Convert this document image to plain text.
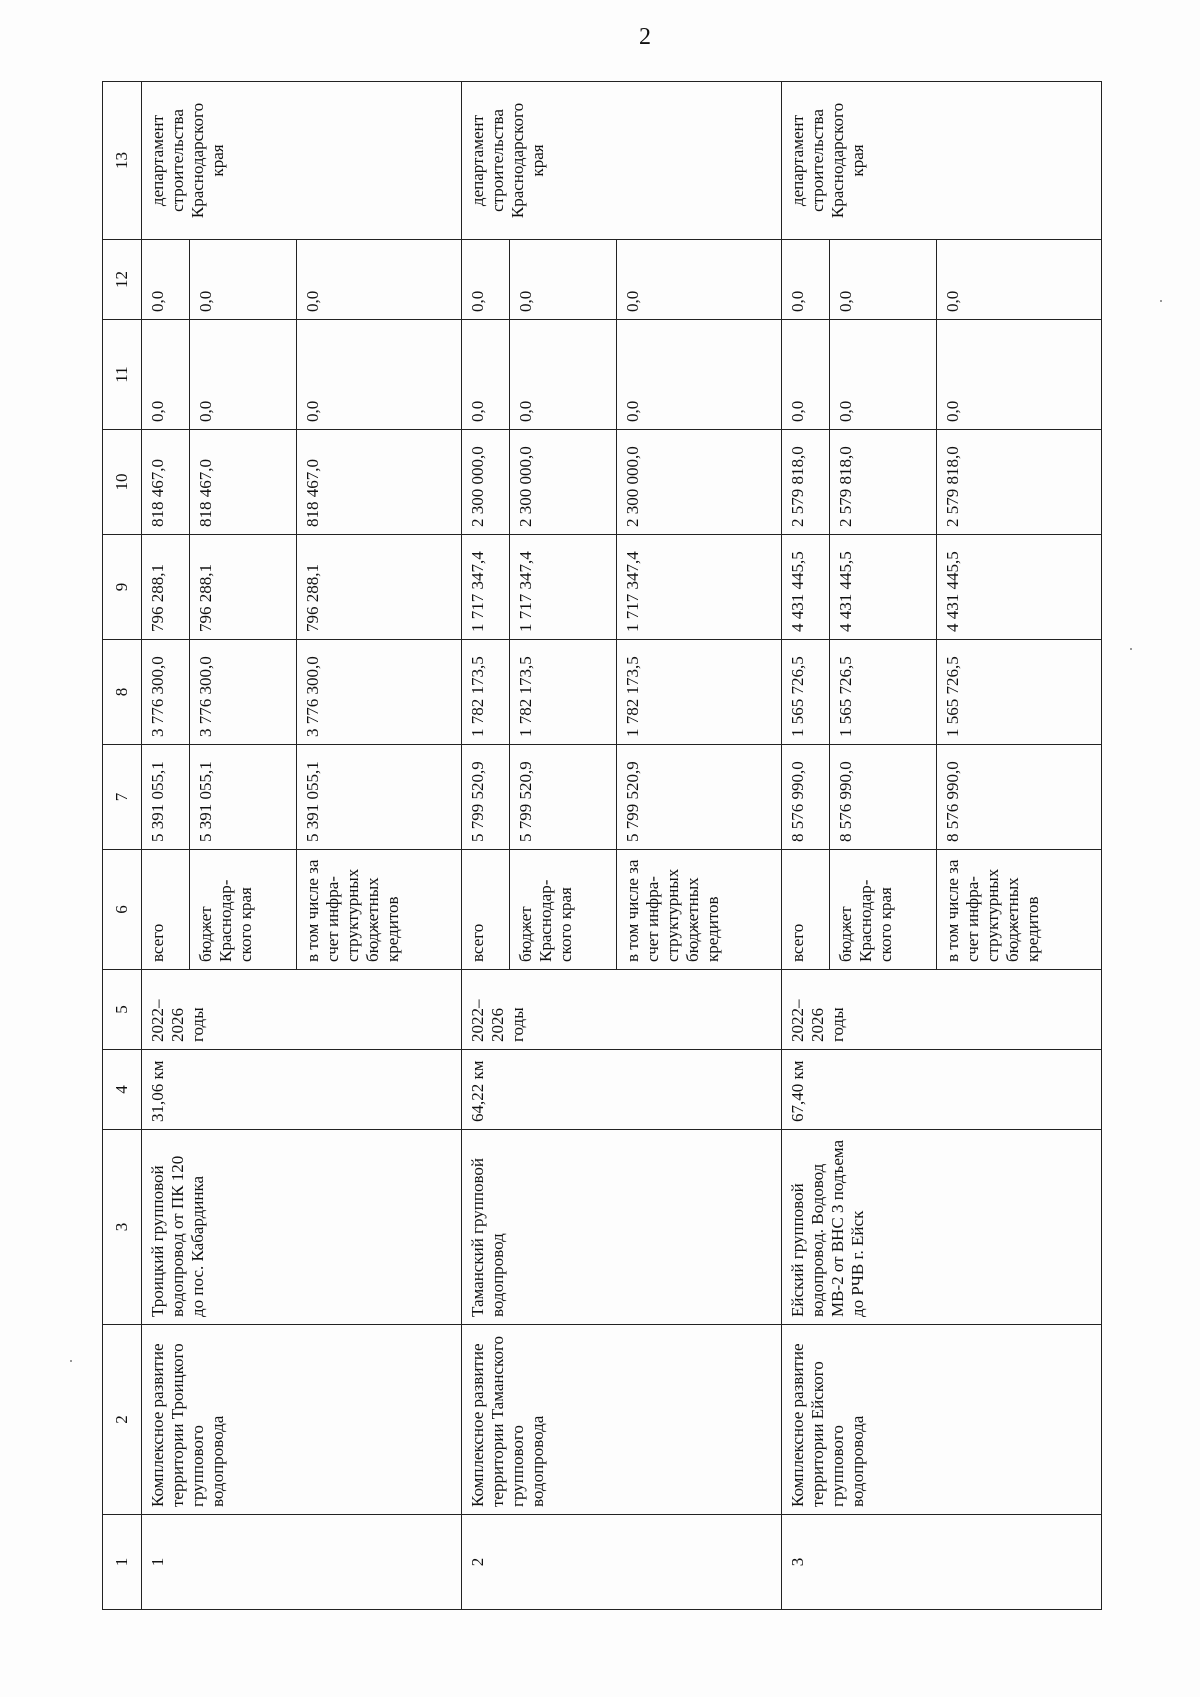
2
1	2	3	4	5	6	7	8	9	10	11	12	13
1	Комплексное развитие территории Троицкого группового водопровода	Троицкий групповой водопровод от ПК 120 до пос. Кабардинка	31,06 км	2022–2026 годы	всего	5 391 055,1	3 776 300,0	796 288,1	818 467,0	0,0	0,0	департамент строительства Краснодарского края
					бюджет Краснодар-ского края	5 391 055,1	3 776 300,0	796 288,1	818 467,0	0,0	0,0	
					в том числе за счет инфра-структурных бюджетных кредитов	5 391 055,1	3 776 300,0	796 288,1	818 467,0	0,0	0,0	
2	Комплексное развитие территории Таманского группового водопровода	Таманский групповой водопровод	64,22 км	2022–2026 годы	всего	5 799 520,9	1 782 173,5	1 717 347,4	2 300 000,0	0,0	0,0	департамент строительства Краснодарского края
					бюджет Краснодар-ского края	5 799 520,9	1 782 173,5	1 717 347,4	2 300 000,0	0,0	0,0	
					в том числе за счет инфра-структурных бюджетных кредитов	5 799 520,9	1 782 173,5	1 717 347,4	2 300 000,0	0,0	0,0	
3	Комплексное развитие территории Ейского группового водопровода	Ейский групповой водопровод. Водовод МВ-2 от ВНС 3 подъема до РЧВ г. Ейск	67,40 км	2022–2026 годы	всего	8 576 990,0	1 565 726,5	4 431 445,5	2 579 818,0	0,0	0,0	департамент строительства Краснодарского края
					бюджет Краснодар-ского края	8 576 990,0	1 565 726,5	4 431 445,5	2 579 818,0	0,0	0,0	
					в том числе за счет инфра-структурных бюджетных кредитов	8 576 990,0	1 565 726,5	4 431 445,5	2 579 818,0	0,0	0,0	
